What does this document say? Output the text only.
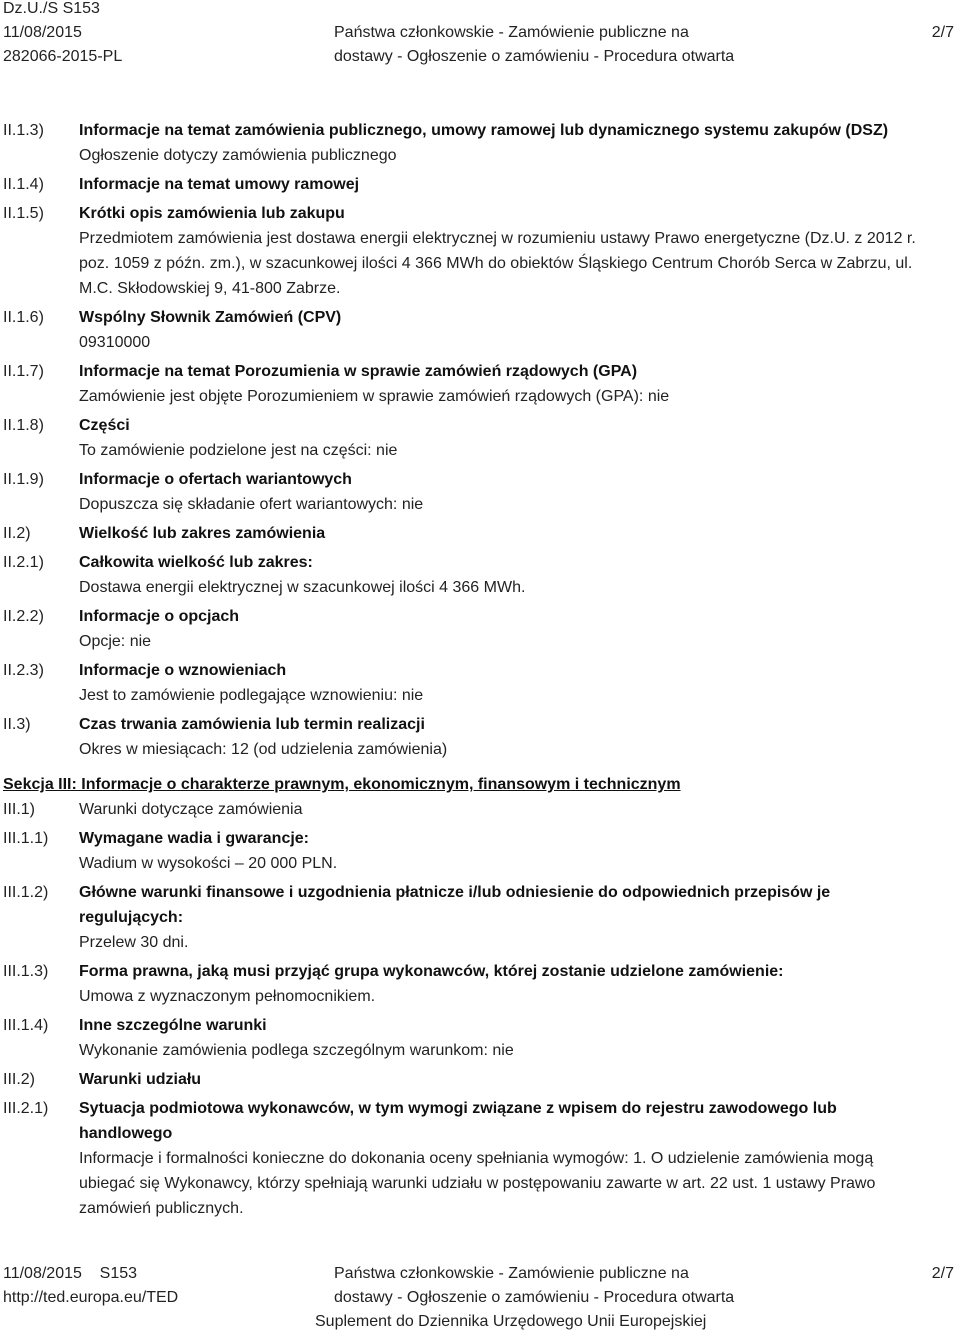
Dz.U./S S153
11/08/2015
282066-2015-PL
Państwa członkowskie - Zamówienie publiczne na
dostawy - Ogłoszenie o zamówieniu - Procedura otwarta
2/7
II.1.3) Informacje na temat zamówienia publicznego, umowy ramowej lub dynamicznego systemu zakupów (DSZ)
Ogłoszenie dotyczy zamówienia publicznego
II.1.4) Informacje na temat umowy ramowej
II.1.5) Krótki opis zamówienia lub zakupu
Przedmiotem zamówienia jest dostawa energii elektrycznej w rozumieniu ustawy Prawo energetyczne (Dz.U. z 2012 r. poz. 1059 z późn. zm.), w szacunkowej ilości 4 366 MWh do obiektów Śląskiego Centrum Chorób Serca w Zabrzu, ul. M.C. Skłodowskiej 9, 41-800 Zabrze.
II.1.6) Wspólny Słownik Zamówień (CPV)
09310000
II.1.7) Informacje na temat Porozumienia w sprawie zamówień rządowych (GPA)
Zamówienie jest objęte Porozumieniem w sprawie zamówień rządowych (GPA): nie
II.1.8) Części
To zamówienie podzielone jest na części: nie
II.1.9) Informacje o ofertach wariantowych
Dopuszcza się składanie ofert wariantowych: nie
II.2)	Wielkość lub zakres zamówienia
II.2.1) Całkowita wielkość lub zakres:
Dostawa energii elektrycznej w szacunkowej ilości 4 366 MWh.
II.2.2) Informacje o opcjach
Opcje: nie
II.2.3) Informacje o wznowieniach
Jest to zamówienie podlegające wznowieniu: nie
II.3)	Czas trwania zamówienia lub termin realizacji
Okres w miesiącach: 12 (od udzielenia zamówienia)
Sekcja III: Informacje o charakterze prawnym, ekonomicznym, finansowym i technicznym
III.1)	Warunki dotyczące zamówienia
III.1.1) Wymagane wadia i gwarancje:
Wadium w wysokości – 20 000 PLN.
III.1.2) Główne warunki finansowe i uzgodnienia płatnicze i/lub odniesienie do odpowiednich przepisów je regulujących:
Przelew 30 dni.
III.1.3) Forma prawna, jaką musi przyjąć grupa wykonawców, której zostanie udzielone zamówienie:
Umowa z wyznaczonym pełnomocnikiem.
III.1.4) Inne szczególne warunki
Wykonanie zamówienia podlega szczególnym warunkom: nie
III.2)	Warunki udziału
III.2.1) Sytuacja podmiotowa wykonawców, w tym wymogi związane z wpisem do rejestru zawodowego lub handlowego
Informacje i formalności konieczne do dokonania oceny spełniania wymogów: 1. O udzielenie zamówienia mogą ubiegać się Wykonawcy, którzy spełniają warunki udziału w postępowaniu zawarte w art. 22 ust. 1 ustawy Prawo zamówień publicznych.
11/08/2015 S153
http://ted.europa.eu/TED
Państwa członkowskie - Zamówienie publiczne na
dostawy - Ogłoszenie o zamówieniu - Procedura otwarta
Suplement do Dziennika Urzędowego Unii Europejskiej
2/7
